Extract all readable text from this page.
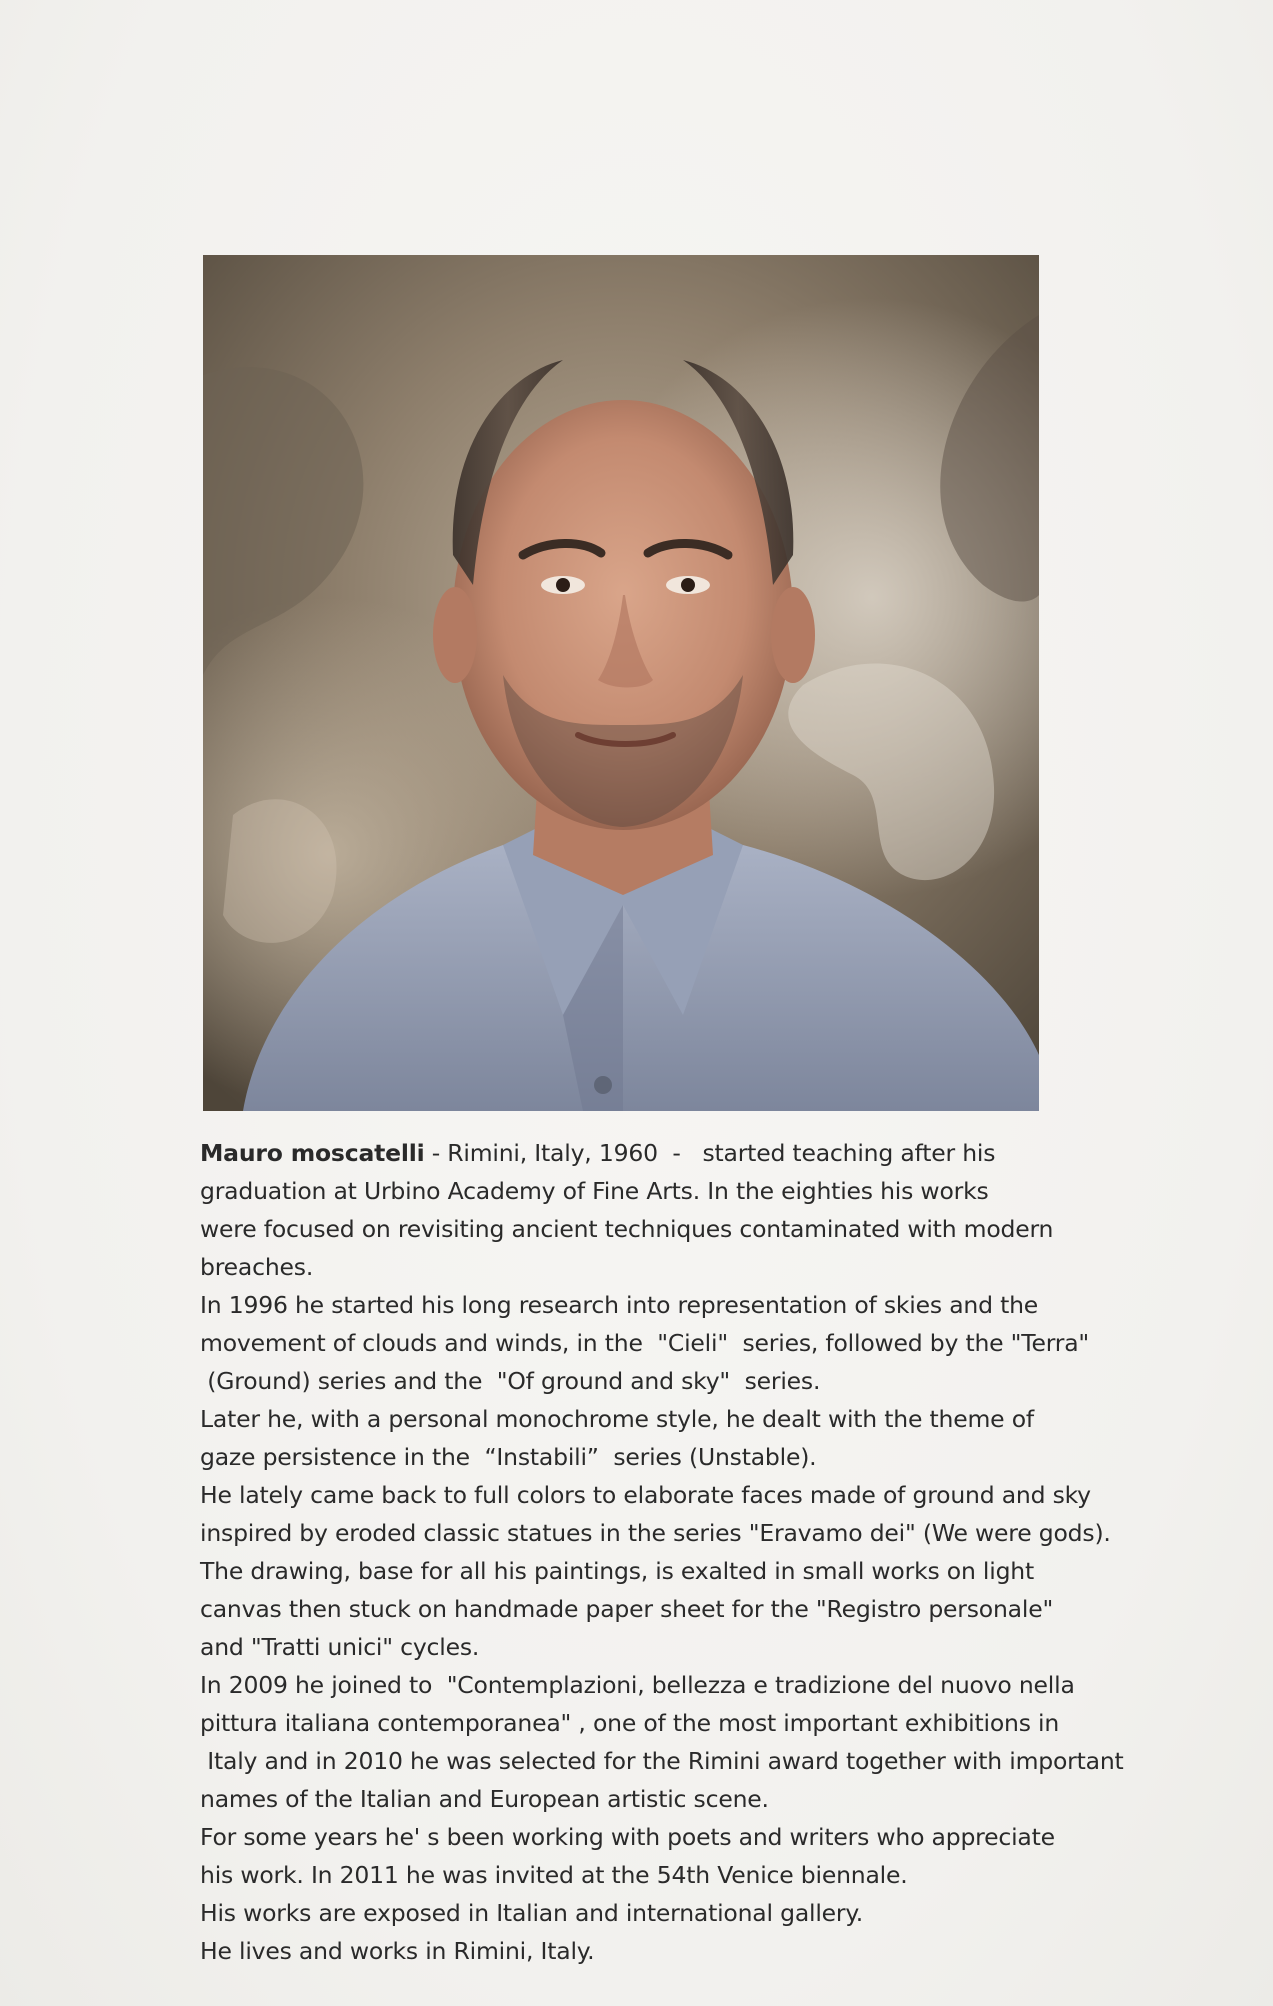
Mauro moscatelli - Rimini, Italy, 1960  -   started teaching after his

graduation at Urbino Academy of Fine Arts. In the eighties his works

were focused on revisiting ancient techniques contaminated with modern

breaches.

In 1996 he started his long research into representation of skies and the

movement of clouds and winds, in the  "Cieli"  series, followed by the "Terra"

(Ground) series and the  "Of ground and sky"  series.

Later he, with a personal monochrome style, he dealt with the theme of

gaze persistence in the  “Instabili”  series (Unstable).

He lately came back to full colors to elaborate faces made of ground and sky

inspired by eroded classic statues in the series "Eravamo dei" (We were gods).

The drawing, base for all his paintings, is exalted in small works on light

canvas then stuck on handmade paper sheet for the "Registro personale"

and "Tratti unici" cycles.

In 2009 he joined to  "Contemplazioni, bellezza e tradizione del nuovo nella

pittura italiana contemporanea" , one of the most important exhibitions in

Italy and in 2010 he was selected for the Rimini award together with important

names of the Italian and European artistic scene.

For some years he' s been working with poets and writers who appreciate

his work. In 2011 he was invited at the 54th Venice biennale.

His works are exposed in Italian and international gallery.

He lives and works in Rimini, Italy.
